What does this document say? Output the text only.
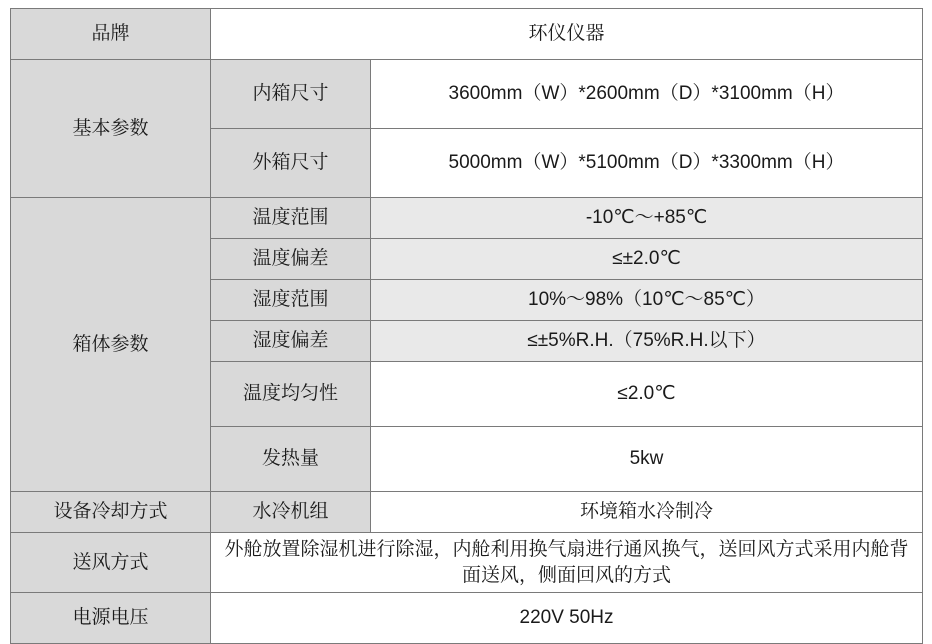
品牌	环仪仪器	
基本参数	内箱尺寸	3600mm（W）*2600mm（D）*3100mm（H）
	外箱尺寸	5000mm（W）*5100mm（D）*3300mm（H）
箱体参数	温度范围	-10℃～+85℃
	温度偏差	≤±2.0℃
	湿度范围	10%～98%（10℃～85℃）
	湿度偏差	≤±5%R.H.（75%R.H.以下）
	温度均匀性	≤2.0℃
	发热量	5kw
设备冷却方式	水冷机组	环境箱水冷制冷
送风方式	外舱放置除湿机进行除湿，内舱利用换气扇进行通风换气，送回风方式采用内舱背面送风，侧面回风的方式	
电源电压	220V 50Hz	
